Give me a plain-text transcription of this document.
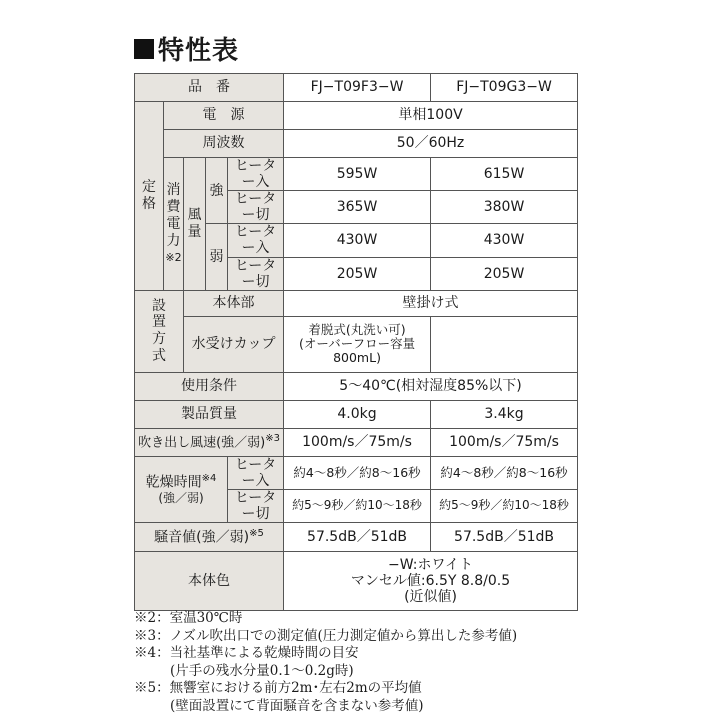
特性表
品　番					FJ−T09F3−W	FJ−T09G3−W
定格	電　源				単相100V	
	周波数				50／60Hz	
	消費電力
※2	風量	強	ヒーター入	595W	615W
				ヒーター切	365W	380W
			弱	ヒーター入	430W	430W
				ヒーター切	205W	205W
設置方式		本体部			壁掛け式	
		水受けカップ			着脱式(丸洗い可)
(オーバーフロー容量800mL)	
使用条件					5〜40℃(相対湿度85%以下)	
製品質量					4.0kg	3.4kg
吹き出し風速(強／弱)$^{※3}$					100m/s／75m/s	100m/s／75m/s
乾燥時間$^{※4}$
(強／弱)				ヒーター入	約4〜8秒／約8〜16秒	約4〜8秒／約8〜16秒
				ヒーター切	約5〜9秒／約10〜18秒	約5〜9秒／約10〜18秒
騒音値(強／弱)$^{※5}$					57.5dB／51dB	57.5dB／51dB
本体色					−W:ホワイト
マンセル値:6.5Y 8.8/0.5
(近似値)	
※2：室温30℃時
※3：ノズル吹出口での測定値(圧力測定値から算出した参考値)
※4：当社基準による乾燥時間の目安
(片手の残水分量0.1〜0.2g時)
※5：無響室における前方2m･左右2mの平均値
(壁面設置にて背面騒音を含まない参考値)
